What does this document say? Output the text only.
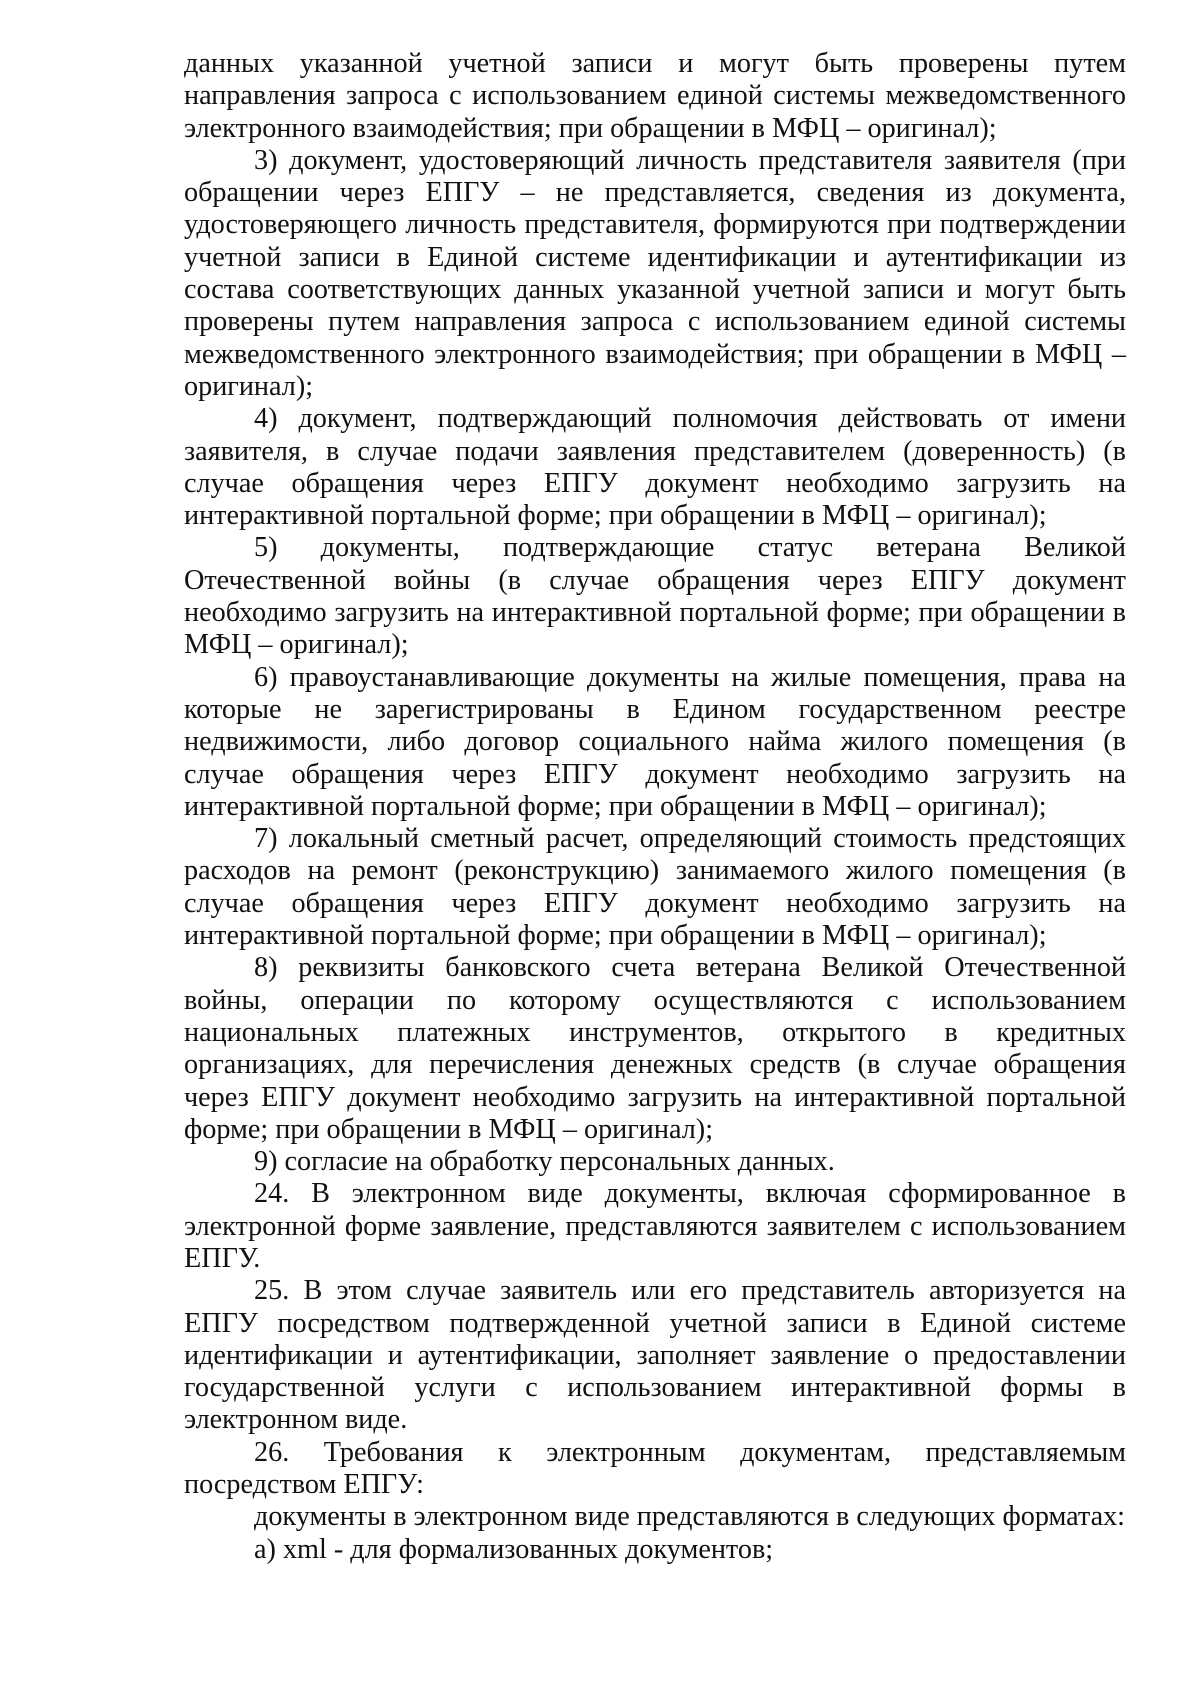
данных указанной учетной записи и могут быть проверены путем направления запроса с использованием единой системы межведомственного электронного взаимодействия; при обращении в МФЦ – оригинал);

3) документ, удостоверяющий личность представителя заявителя (при обращении через ЕПГУ – не представляется, сведения из документа, удостоверяющего личность представителя, формируются при подтверждении учетной записи в Единой системе идентификации и аутентификации из состава соответствующих данных указанной учетной записи и могут быть проверены путем направления запроса с использованием единой системы межведомственного электронного взаимодействия; при обращении в МФЦ – оригинал);

4) документ, подтверждающий полномочия действовать от имени заявителя, в случае подачи заявления представителем (доверенность) (в случае обращения через ЕПГУ документ необходимо загрузить на интерактивной портальной форме; при обращении в МФЦ – оригинал);

5) документы, подтверждающие статус ветерана Великой Отечественной войны (в случае обращения через ЕПГУ документ необходимо загрузить на интерактивной портальной форме; при обращении в МФЦ – оригинал);

6) правоустанавливающие документы на жилые помещения, права на которые не зарегистрированы в Едином государственном реестре недвижимости, либо договор социального найма жилого помещения (в случае обращения через ЕПГУ документ необходимо загрузить на интерактивной портальной форме; при обращении в МФЦ – оригинал);

7) локальный сметный расчет, определяющий стоимость предстоящих расходов на ремонт (реконструкцию) занимаемого жилого помещения (в случае обращения через ЕПГУ документ необходимо загрузить на интерактивной портальной форме; при обращении в МФЦ – оригинал);

8) реквизиты банковского счета ветерана Великой Отечественной войны, операции по которому осуществляются с использованием национальных платежных инструментов, открытого в кредитных организациях, для перечисления денежных средств (в случае обращения через ЕПГУ документ необходимо загрузить на интерактивной портальной форме; при обращении в МФЦ – оригинал);

9) согласие на обработку персональных данных.

24. В электронном виде документы, включая сформированное в электронной форме заявление, представляются заявителем с использованием ЕПГУ.

25. В этом случае заявитель или его представитель авторизуется на ЕПГУ посредством подтвержденной учетной записи в Единой системе идентификации и аутентификации, заполняет заявление о предоставлении государственной услуги с использованием интерактивной формы в электронном виде.

26. Требования к электронным документам, представляемым посредством ЕПГУ:

документы в электронном виде представляются в следующих форматах:

а) xml - для формализованных документов;
